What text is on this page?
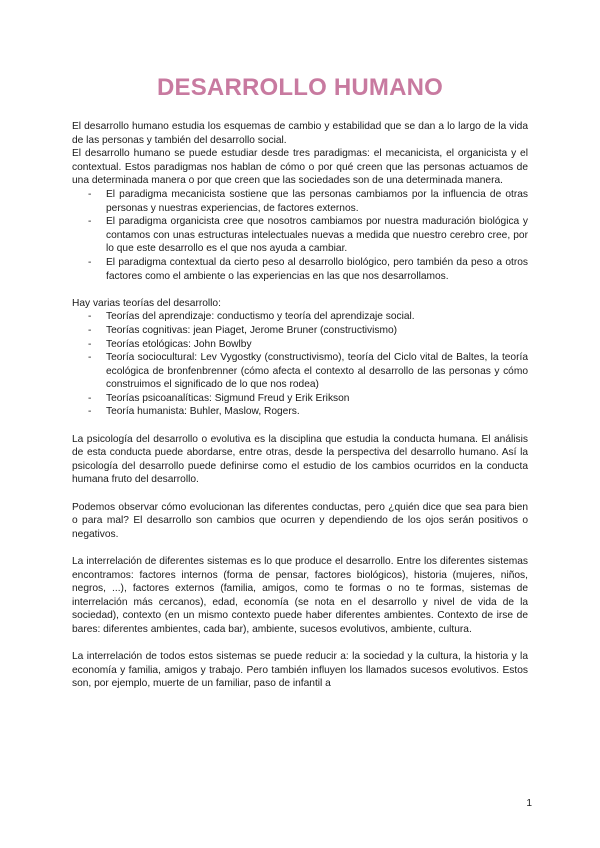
DESARROLLO HUMANO

El desarrollo humano estudia los esquemas de cambio y estabilidad que se dan a lo largo de la vida de las personas y también del desarrollo social.

El desarrollo humano se puede estudiar desde tres paradigmas: el mecanicista, el organicista y el contextual. Estos paradigmas nos hablan de cómo o por qué creen que las personas actuamos de una determinada manera o por que creen que las sociedades son de una determinada manera.

- El paradigma mecanicista sostiene que las personas cambiamos por la influencia de otras personas y nuestras experiencias, de factores externos.
- El paradigma organicista cree que nosotros cambiamos por nuestra maduración biológica y contamos con unas estructuras intelectuales nuevas a medida que nuestro cerebro cree, por lo que este desarrollo es el que nos ayuda a cambiar.
- El paradigma contextual da cierto peso al desarrollo biológico, pero también da peso a otros factores como el ambiente o las experiencias en las que nos desarrollamos.

Hay varias teorías del desarrollo:

- Teorías del aprendizaje: conductismo y teoría del aprendizaje social.
- Teorías cognitivas: jean Piaget, Jerome Bruner (constructivismo)
- Teorías etológicas: John Bowlby
- Teoría sociocultural: Lev Vygostky (constructivismo), teoría del Ciclo vital de Baltes, la teoría ecológica de bronfenbrenner (cómo afecta el contexto al desarrollo de las personas y cómo construimos el significado de lo que nos rodea)
- Teorías psicoanalíticas: Sigmund Freud y Erik Erikson
- Teoría humanista: Buhler, Maslow, Rogers.

La psicología del desarrollo o evolutiva es la disciplina que estudia la conducta humana. El análisis de esta conducta puede abordarse, entre otras, desde la perspectiva del desarrollo humano. Así la psicología del desarrollo puede definirse como el estudio de los cambios ocurridos en la conducta humana fruto del desarrollo.

Podemos observar cómo evolucionan las diferentes conductas, pero ¿quién dice que sea para bien o para mal? El desarrollo son cambios que ocurren y dependiendo de los ojos serán positivos o negativos.

La interrelación de diferentes sistemas es lo que produce el desarrollo. Entre los diferentes sistemas encontramos: factores internos (forma de pensar, factores biológicos), historia (mujeres, niños, negros, ...), factores externos (familia, amigos, como te formas o no te formas, sistemas de interrelación más cercanos), edad, economía (se nota en el desarrollo y nivel de vida de la sociedad), contexto (en un mismo contexto puede haber diferentes ambientes. Contexto de irse de bares: diferentes ambientes, cada bar), ambiente, sucesos evolutivos, ambiente, cultura.

La interrelación de todos estos sistemas se puede reducir a: la sociedad y la cultura, la historia y la economía y familia, amigos y trabajo. Pero también influyen los llamados sucesos evolutivos. Estos son, por ejemplo, muerte de un familiar, paso de infantil a

1
